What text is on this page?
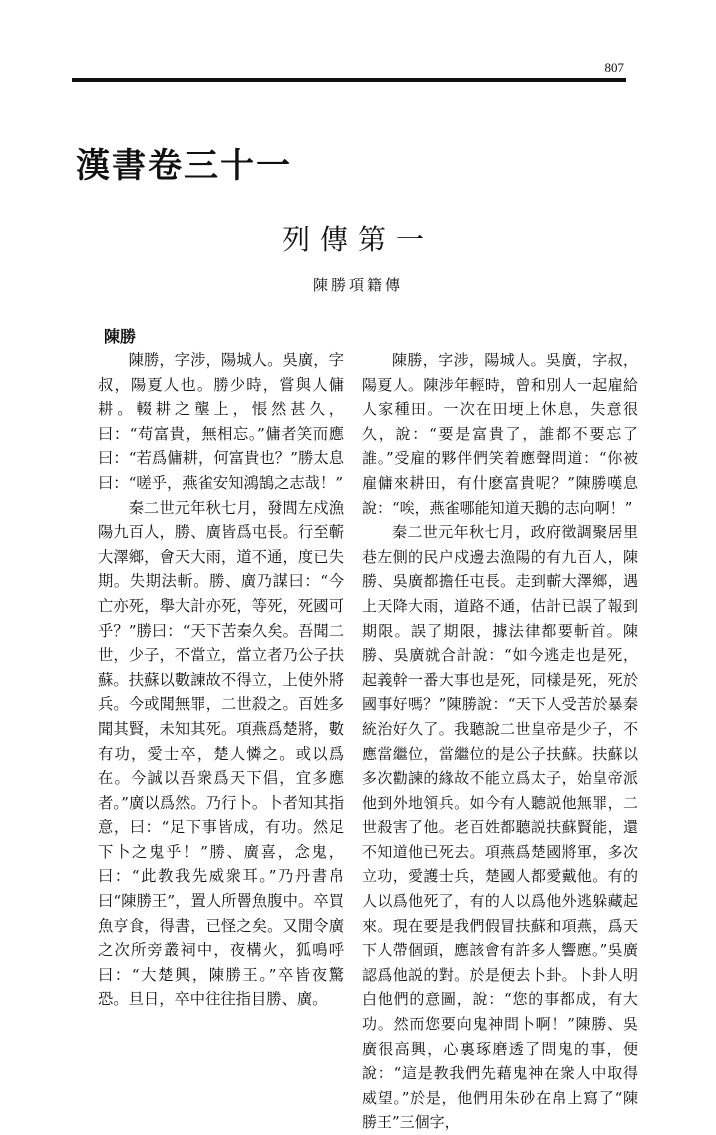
807
漢書卷三十一
列傳第一
陳勝項籍傳
陳勝

陳勝，字涉，陽城人。吳廣，字叔，陽夏人也。勝少時，嘗與人傭耕。輟耕之壟上，悵然甚久，曰：“苟富貴，無相忘。”傭者笑而應曰：“若爲傭耕，何富貴也？”勝太息曰：“嗟乎，燕雀安知鴻鵠之志哉！”

秦二世元年秋七月，發閭左戍漁陽九百人，勝、廣皆爲屯長。行至蘄大澤鄉，會天大雨，道不通，度已失期。失期法斬。勝、廣乃謀曰：“今亡亦死，舉大計亦死，等死，死國可乎？”勝曰：“天下苦秦久矣。吾聞二世，少子，不當立，當立者乃公子扶蘇。扶蘇以數諫故不得立，上使外將兵。今或聞無罪，二世殺之。百姓多聞其賢，未知其死。項燕爲楚將，數有功，愛士卒，楚人憐之。或以爲在。今誠以吾衆爲天下倡，宜多應者。”廣以爲然。乃行卜。卜者知其指意，曰：“足下事皆成，有功。然足下卜之鬼乎！”勝、廣喜，念鬼，曰：“此教我先威衆耳。”乃丹書帛曰“陳勝王”，置人所罾魚腹中。卒買魚亨食，得書，已怪之矣。又閒令廣之次所旁叢祠中，夜構火，狐鳴呼曰：“大楚興，陳勝王。”卒皆夜驚恐。旦日，卒中往往指目勝、廣。

陳勝，字涉，陽城人。吳廣，字叔，陽夏人。陳涉年輕時，曾和別人一起雇給人家種田。一次在田埂上休息，失意很久，說：“要是富貴了，誰都不要忘了誰。”受雇的夥伴們笑着應聲問道：“你被雇傭來耕田，有什麽富貴呢？”陳勝嘆息說：“唉，燕雀哪能知道天鵝的志向啊！”

秦二世元年秋七月，政府徵調聚居里巷左側的民户戍邊去漁陽的有九百人，陳勝、吳廣都擔任屯長。走到蘄大澤鄉，遇上天降大雨，道路不通，估計已誤了報到期限。誤了期限，據法律都要斬首。陳勝、吳廣就合計說：“如今逃走也是死，起義幹一番大事也是死，同樣是死，死於國事好嗎？”陳勝說：“天下人受苦於暴秦統治好久了。我聽說二世皇帝是少子，不應當繼位，當繼位的是公子扶蘇。扶蘇以多次勸諫的緣故不能立爲太子，始皇帝派他到外地領兵。如今有人聽説他無罪，二世殺害了他。老百姓都聽説扶蘇賢能，還不知道他已死去。項燕爲楚國將軍，多次立功，愛護士兵，楚國人都愛戴他。有的人以爲他死了，有的人以爲他外逃躲藏起來。現在要是我們假冒扶蘇和項燕，爲天下人帶個頭，應該會有許多人響應。”吳廣認爲他説的對。於是便去卜卦。卜卦人明白他們的意圖，說：“您的事都成，有大功。然而您要向鬼神問卜啊！”陳勝、吳廣很高興，心裏琢磨透了問鬼的事，便說：“這是教我們先藉鬼神在衆人中取得威望。”於是，他們用朱砂在帛上寫了“陳勝王”三個字，
